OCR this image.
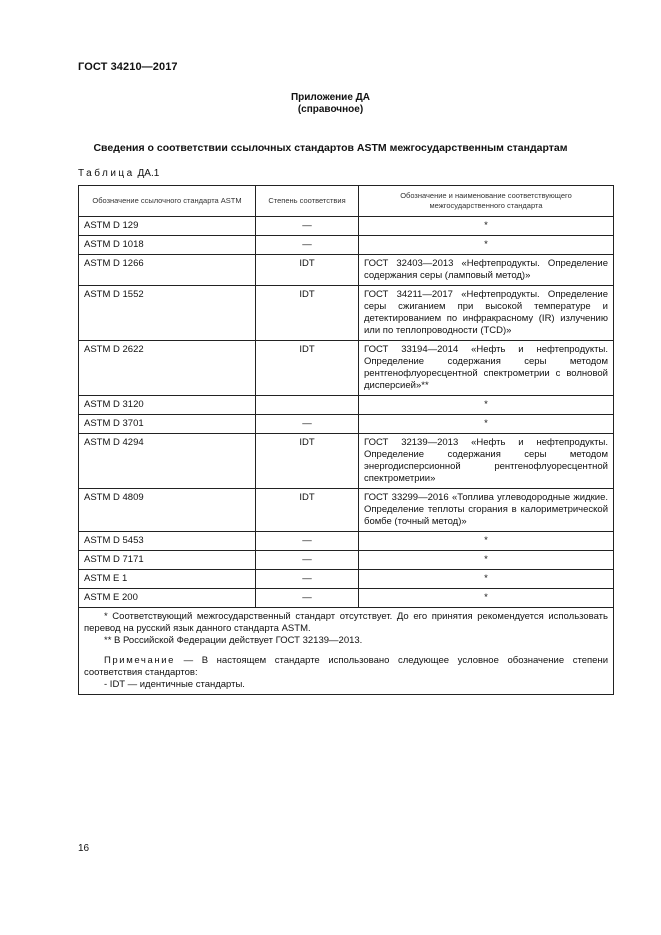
ГОСТ 34210—2017
Приложение ДА
(справочное)
Сведения о соответствии ссылочных стандартов ASTM межгосударственным стандартам
Таблица ДА.1
Обозначение ссылочного стандарта ASTM	Степень соответствия	Обозначение и наименование соответствующего межгосударственного стандарта
ASTM D 129	—	*
ASTM D 1018	—	*
ASTM D 1266	IDT	ГОСТ 32403—2013 «Нефтепродукты. Определение содержания серы (ламповый метод)»
ASTM D 1552	IDT	ГОСТ 34211—2017 «Нефтепродукты. Определение серы сжиганием при высокой температуре и детектированием по инфракрасному (IR) излучению или по теплопроводности (TCD)»
ASTM D 2622	IDT	ГОСТ 33194—2014 «Нефть и нефтепродукты. Определение содержания серы методом рентгенофлуоресцентной спектрометрии с волновой дисперсией»**
ASTM D 3120		*
ASTM D 3701	—	*
ASTM D 4294	IDT	ГОСТ 32139—2013 «Нефть и нефтепродукты. Определение содержания серы методом энергодисперсионной рентгенофлуоресцентной спектрометрии»
ASTM D 4809	IDT	ГОСТ 33299—2016 «Топлива углеводородные жидкие. Определение теплоты сгорания в калориметрической бомбе (точный метод)»
ASTM D 5453	—	*
ASTM D 7171	—	*
ASTM E 1	—	*
ASTM E 200	—	*

* Соответствующий межгосударственный стандарт отсутствует. До его принятия рекомендуется использовать перевод на русский язык данного стандарта ASTM.

** В Российской Федерации действует ГОСТ 32139—2013.

Примечание — В настоящем стандарте использовано следующее условное обозначение степени соответствия стандартов:

- IDT — идентичные стандарты.		

16
